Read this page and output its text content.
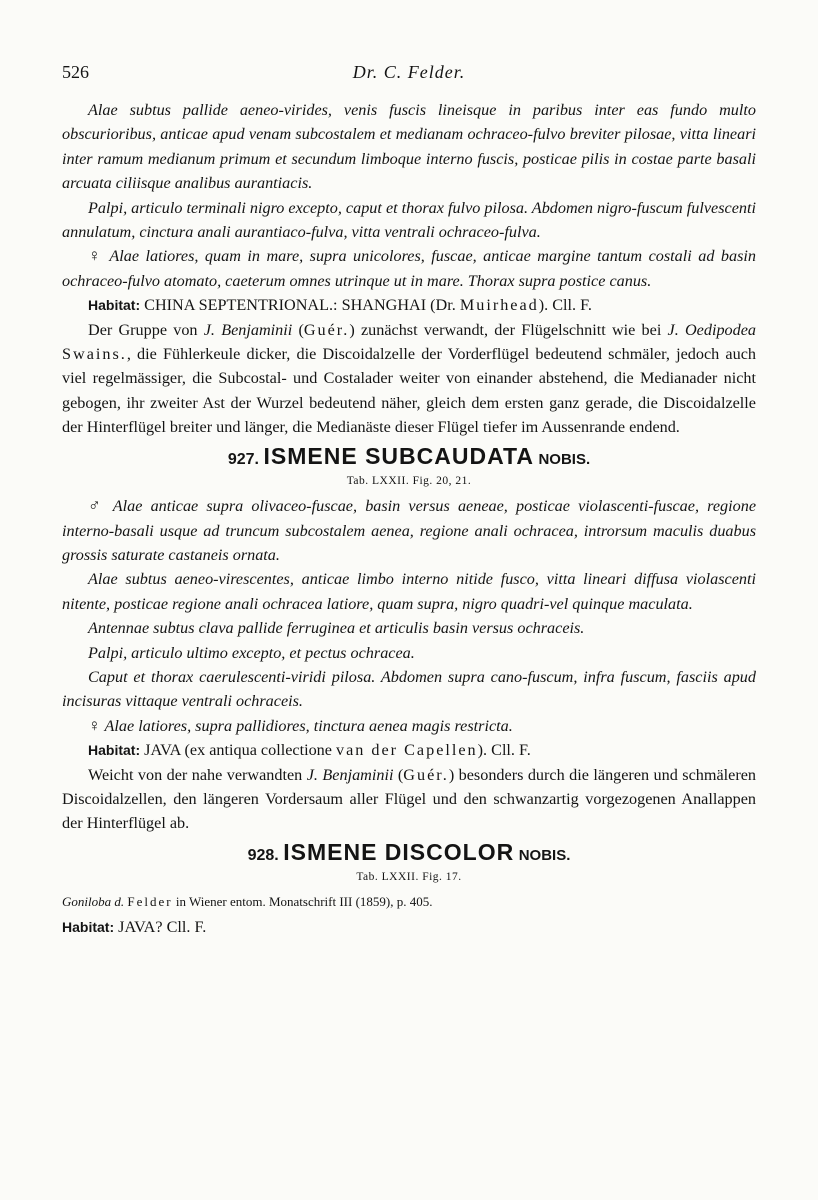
526	Dr. C. Felder.

Alae subtus pallide aeneo-virides, venis fuscis lineisque in paribus inter eas fundo multo obscurioribus, anticae apud venam subcostalem et medianam ochraceo-fulvo breviter pilosae, vitta lineari inter ramum medianum primum et secundum limboque interno fuscis, posticae pilis in costae parte basali arcuata ciliisque analibus aurantiacis.

Palpi, articulo terminali nigro excepto, caput et thorax fulvo pilosa. Abdomen nigro-fuscum fulvescenti annulatum, cinctura anali aurantiaco-fulva, vitta ventrali ochraceo-fulva.

♀ Alae latiores, quam in mare, supra unicolores, fuscae, anticae margine tantum costali ad basin ochraceo-fulvo atomato, caeterum omnes utrinque ut in mare. Thorax supra postice canus.

Habitat: CHINA SEPTENTRIONAL.: SHANGHAI (Dr. Muirhead). Cll. F.

Der Gruppe von J. Benjaminii (Guér.) zunächst verwandt, der Flügelschnitt wie bei J. Oedipodea Swains., die Fühlerkeule dicker, die Discoidalzelle der Vorderflügel bedeutend schmäler, jedoch auch viel regelmässiger, die Subcostal- und Costalader weiter von einander abstehend, die Medianader nicht gebogen, ihr zweiter Ast der Wurzel bedeutend näher, gleich dem ersten ganz gerade, die Discoidalzelle der Hinterflügel breiter und länger, die Medianäste dieser Flügel tiefer im Aussenrande endend.

927. ISMENE SUBCAUDATA NOBIS.
Tab. LXXII. Fig. 20, 21.

♂ Alae anticae supra olivaceo-fuscae, basin versus aeneae, posticae violascenti-fuscae, regione interno-basali usque ad truncum subcostalem aenea, regione anali ochracea, introrsum maculis duabus grossis saturate castaneis ornata.

Alae subtus aeneo-virescentes, anticae limbo interno nitide fusco, vitta lineari diffusa violascenti nitente, posticae regione anali ochracea latiore, quam supra, nigro quadri-vel quinque maculata.

Antennae subtus clava pallide ferruginea et articulis basin versus ochraceis.

Palpi, articulo ultimo excepto, et pectus ochracea.

Caput et thorax caerulescenti-viridi pilosa. Abdomen supra cano-fuscum, infra fuscum, fasciis apud incisuras vittaque ventrali ochraceis.

♀ Alae latiores, supra pallidiores, tinctura aenea magis restricta.

Habitat: JAVA (ex antiqua collectione van der Capellen). Cll. F.

Weicht von der nahe verwandten J. Benjaminii (Guér.) besonders durch die längeren und schmäleren Discoidalzellen, den längeren Vordersaum aller Flügel und den schwanzartig vorgezogenen Anallappen der Hinterflügel ab.

928. ISMENE DISCOLOR NOBIS.
Tab. LXXII. Fig. 17.

Goniloba d. Felder in Wiener entom. Monatschrift III (1859), p. 405.

Habitat: JAVA? Cll. F.
